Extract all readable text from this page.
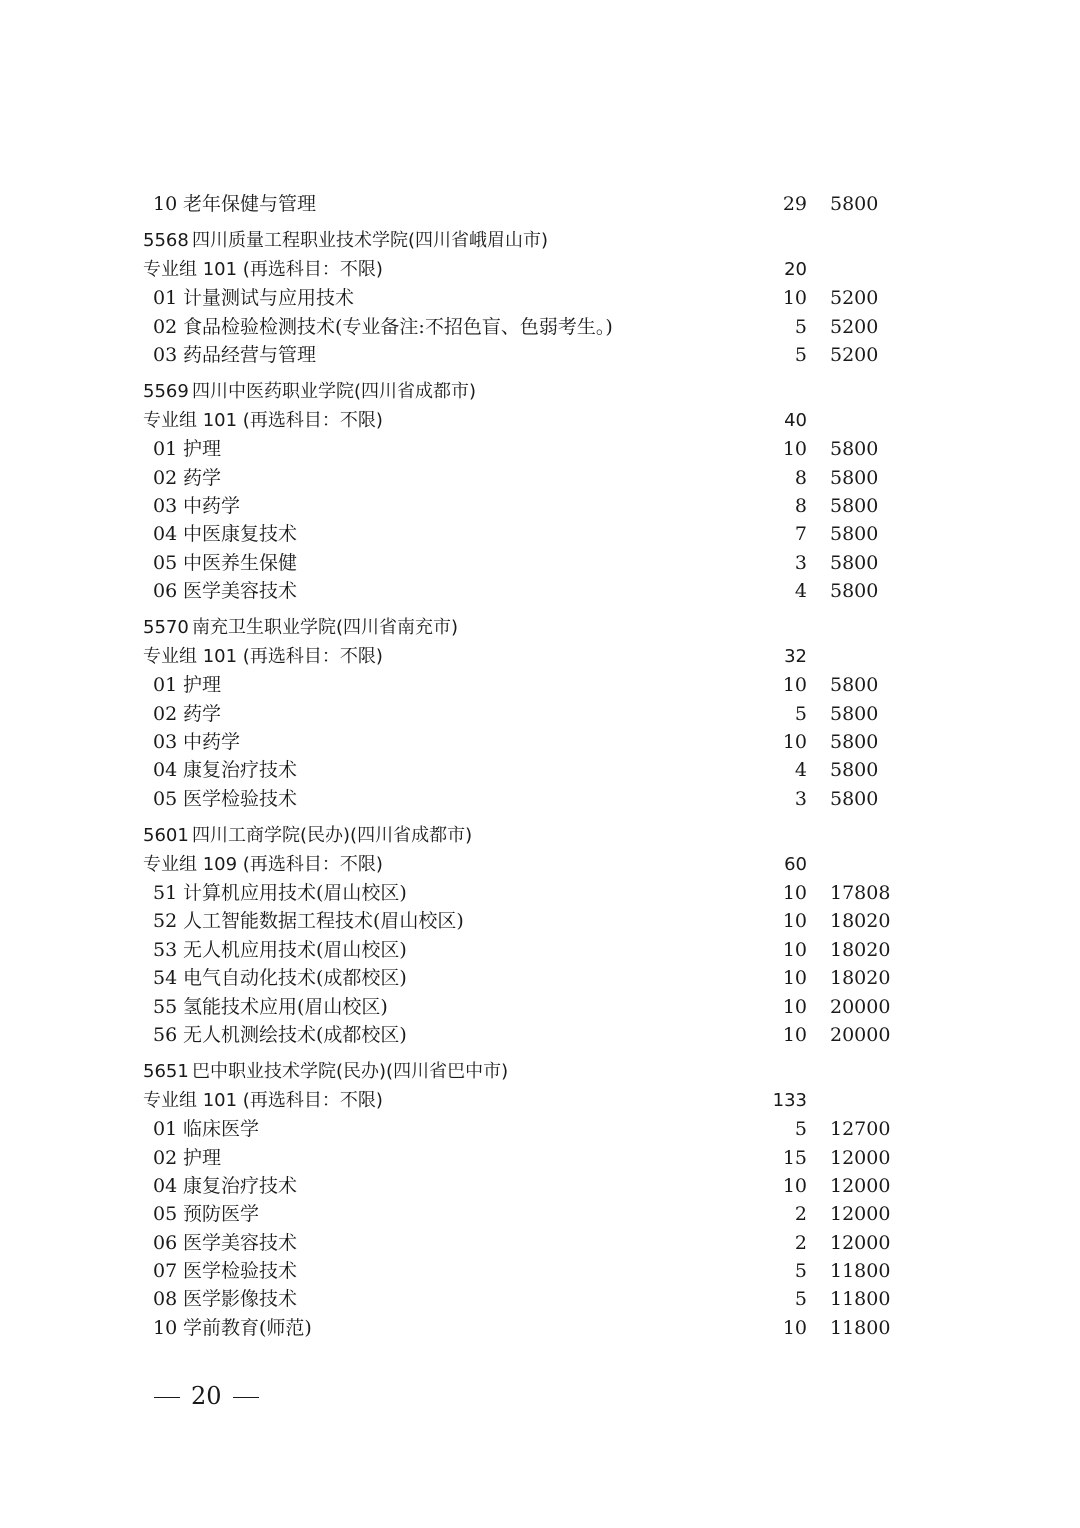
10 老年保健与管理	29 5800
5568 四川质量工程职业技术学院(四川省峨眉山市)
专业组 101 (再选科目：不限)	20
01 计量测试与应用技术	10 5200
02 食品检验检测技术(专业备注:不招色盲、色弱考生。)	5 5200
03 药品经营与管理	5 5200
5569 四川中医药职业学院(四川省成都市)
专业组 101 (再选科目：不限)	40
01 护理	10 5800
02 药学	8 5800
03 中药学	8 5800
04 中医康复技术	7 5800
05 中医养生保健	3 5800
06 医学美容技术	4 5800
5570 南充卫生职业学院(四川省南充市)
专业组 101 (再选科目：不限)	32
01 护理	10 5800
02 药学	5 5800
03 中药学	10 5800
04 康复治疗技术	4 5800
05 医学检验技术	3 5800
5601 四川工商学院(民办)(四川省成都市)
专业组 109 (再选科目：不限)	60
51 计算机应用技术(眉山校区)	10 17808
52 人工智能数据工程技术(眉山校区)	10 18020
53 无人机应用技术(眉山校区)	10 18020
54 电气自动化技术(成都校区)	10 18020
55 氢能技术应用(眉山校区)	10 20000
56 无人机测绘技术(成都校区)	10 20000
5651 巴中职业技术学院(民办)(四川省巴中市)
专业组 101 (再选科目：不限)	133
01 临床医学	5 12700
02 护理	15 12000
04 康复治疗技术	10 12000
05 预防医学	2 12000
06 医学美容技术	2 12000
07 医学检验技术	5 11800
08 医学影像技术	5 11800
10 学前教育(师范)	10 11800
20
